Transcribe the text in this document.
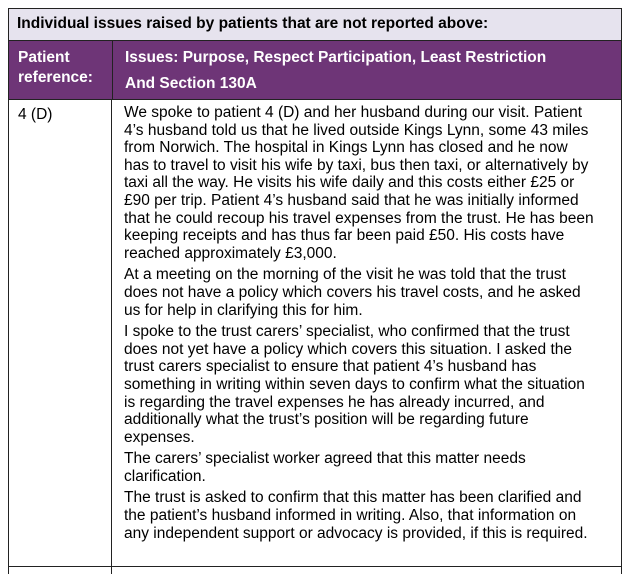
Individual issues raised by patients that are not reported above:
Patient
reference:
Issues: Purpose, Respect Participation, Least Restriction
And Section 130A
4 (D)	We spoke to patient 4 (D) and her husband during our visit. Patient
4’s husband told us that he lived outside Kings Lynn, some 43 miles
from Norwich. The hospital in Kings Lynn has closed and he now
has to travel to visit his wife by taxi, bus then taxi, or alternatively by
taxi all the way. He visits his wife daily and this costs either £25 or
£90 per trip. Patient 4’s husband said that he was initially informed
that he could recoup his travel expenses from the trust. He has been
keeping receipts and has thus far been paid £50. His costs have
reached approximately £3,000.

At a meeting on the morning of the visit he was told that the trust
does not have a policy which covers his travel costs, and he asked
us for help in clarifying this for him.

I spoke to the trust carers’ specialist, who confirmed that the trust
does not yet have a policy which covers this situation. I asked the
trust carers specialist to ensure that patient 4’s husband has
something in writing within seven days to confirm what the situation
is regarding the travel expenses he has already incurred, and
additionally what the trust’s position will be regarding future
expenses.

The carers’ specialist worker agreed that this matter needs
clarification.

The trust is asked to confirm that this matter has been clarified and
the patient’s husband informed in writing. Also, that information on
any independent support or advocacy is provided, if this is required.
